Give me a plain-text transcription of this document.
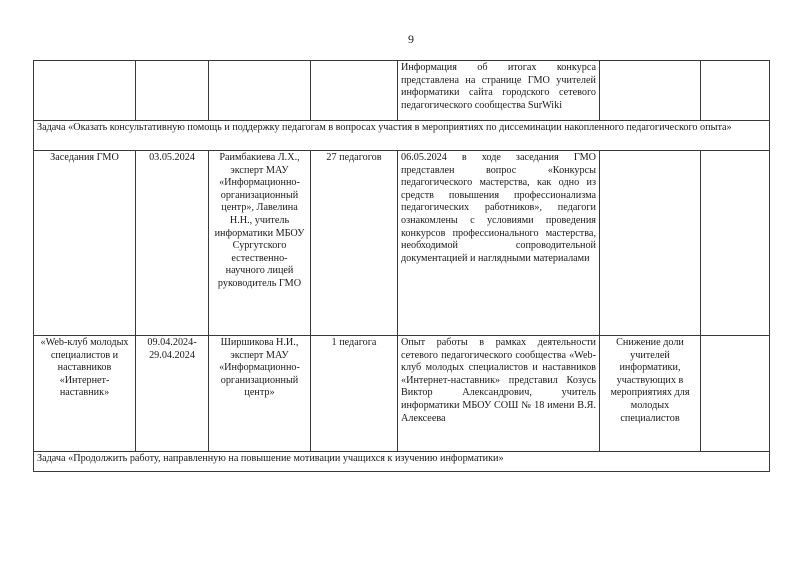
9
				Информация об итогах конкурса представлена на странице ГМО учителей информатики сайта городского сетевого педагогического сообщества SurWiki		
Задача «Оказать консультативную помощь и поддержку педагогам в вопросах участия в мероприятиях по диссеминации накопленного педагогического опыта»						
Заседания ГМО	03.05.2024	Раимбакиева Л.Х., эксперт МАУ «Информационно-организационный центр», Лавелина Н.Н., учитель информатики МБОУ Сургутского естественно-научного лицей руководитель ГМО	27 педагогов	06.05.2024 в ходе заседания ГМО представлен вопрос «Конкурсы педагогического мастерства, как одно из средств повышения профессионализма педагогических работников», педагоги ознакомлены с условиями проведения конкурсов профессионального мастерства, необходимой сопроводительной документацией и наглядными материалами		
«Web-клуб молодых специалистов и наставников «Интернет-наставник»	09.04.2024-29.04.2024	Ширшикова Н.И., эксперт МАУ «Информационно-организационный центр»	1 педагога	Опыт работы в рамках деятельности сетевого педагогического сообщества «Web-клуб молодых специалистов и наставников «Интернет-наставник» представил Козусь Виктор Александрович, учитель информатики МБОУ СОШ № 18 имени В.Я. Алексеева	Снижение доли учителей информатики, участвующих в мероприятиях для молодых специалистов	
Задача «Продолжить работу, направленную на повышение мотивации учащихся к изучению информатики»						
